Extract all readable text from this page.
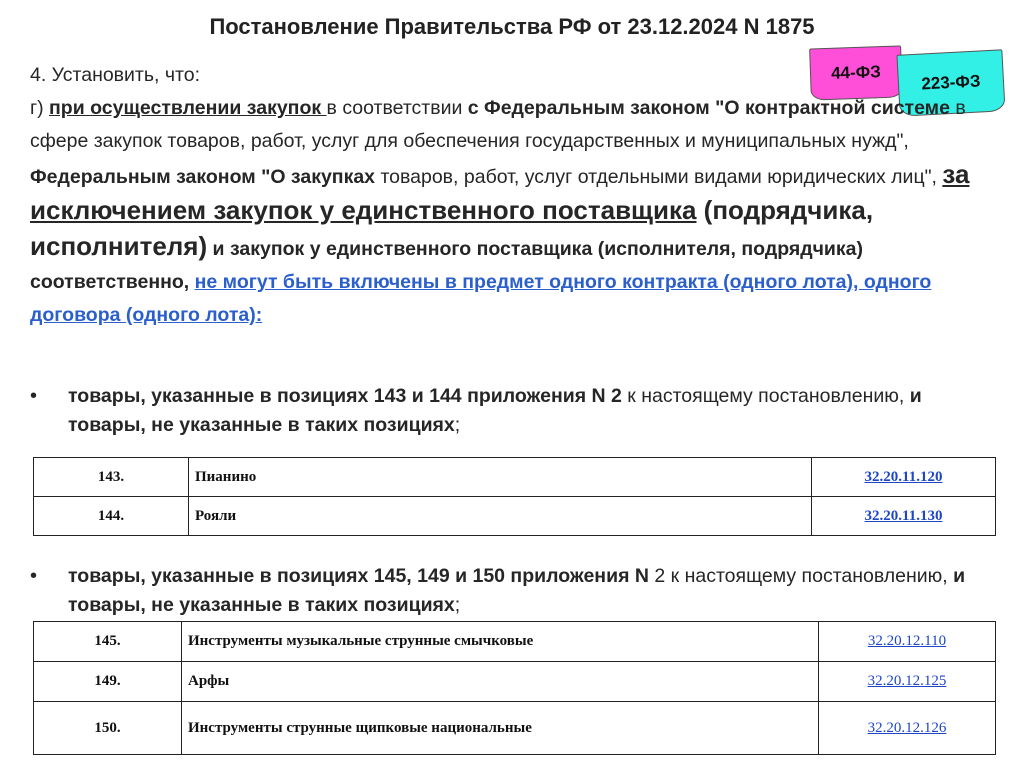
Постановление Правительства РФ от 23.12.2024 N 1875
44-ФЗ 223-ФЗ
4. Установить, что:
г) при осуществлении закупок в соответствии с Федеральным законом "О контрактной системе в сфере закупок товаров, работ, услуг для обеспечения государственных и муниципальных нужд", Федеральным законом "О закупках товаров, работ, услуг отдельными видами юридических лиц", за исключением закупок у единственного поставщика (подрядчика, исполнителя) и закупок у единственного поставщика (исполнителя, подрядчика) соответственно, не могут быть включены в предмет одного контракта (одного лота), одного договора (одного лота):
• товары, указанные в позициях 143 и 144 приложения N 2 к настоящему постановлению, и товары, не указанные в таких позициях;
143.	Пианино	32.20.11.120
144.	Рояли	32.20.11.130
• товары, указанные в позициях 145, 149 и 150 приложения N 2 к настоящему постановлению, и товары, не указанные в таких позициях;
145.	Инструменты музыкальные струнные смычковые	32.20.12.110
149.	Арфы	32.20.12.125
150.	Инструменты струнные щипковые национальные	32.20.12.126
